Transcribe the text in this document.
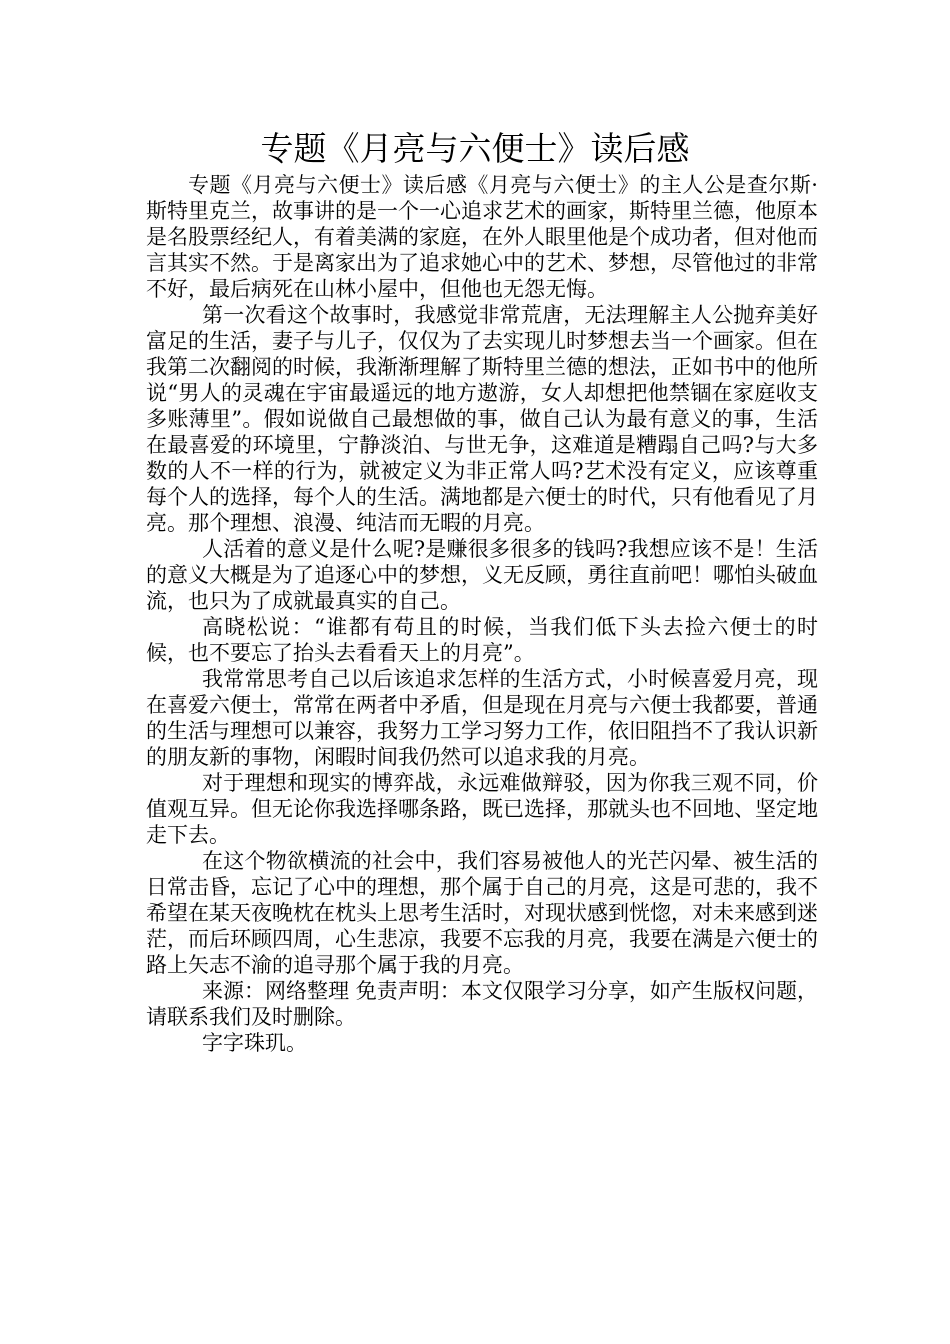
专题《月亮与六便士》读后感

专题《月亮与六便士》读后感《月亮与六便士》的主人公是查尔斯·斯特里克兰，故事讲的是一个一心追求艺术的画家，斯特里兰德，他原本是名股票经纪人，有着美满的家庭，在外人眼里他是个成功者，但对他而言其实不然。于是离家出为了追求她心中的艺术、梦想，尽管他过的非常不好，最后病死在山林小屋中，但他也无怨无悔。

第一次看这个故事时，我感觉非常荒唐，无法理解主人公抛弃美好富足的生活，妻子与儿子，仅仅为了去实现儿时梦想去当一个画家。但在我第二次翻阅的时候，我渐渐理解了斯特里兰德的想法，正如书中的他所说“男人的灵魂在宇宙最遥远的地方遨游，女人却想把他禁锢在家庭收支多账薄里”。假如说做自己最想做的事，做自己认为最有意义的事，生活在最喜爱的环境里，宁静淡泊、与世无争，这难道是糟蹋自己吗?与大多数的人不一样的行为，就被定义为非正常人吗?艺术没有定义，应该尊重每个人的选择，每个人的生活。满地都是六便士的时代，只有他看见了月亮。那个理想、浪漫、纯洁而无暇的月亮。

人活着的意义是什么呢?是赚很多很多的钱吗?我想应该不是！生活的意义大概是为了追逐心中的梦想，义无反顾，勇往直前吧！哪怕头破血流，也只为了成就最真实的自己。

高晓松说：“谁都有苟且的时候，当我们低下头去捡六便士的时候，也不要忘了抬头去看看天上的月亮”。

我常常思考自己以后该追求怎样的生活方式，小时候喜爱月亮，现在喜爱六便士，常常在两者中矛盾，但是现在月亮与六便士我都要，普通的生活与理想可以兼容，我努力工学习努力工作，依旧阻挡不了我认识新的朋友新的事物，闲暇时间我仍然可以追求我的月亮。

对于理想和现实的博弈战，永远难做辩驳，因为你我三观不同，价值观互异。但无论你我选择哪条路，既已选择，那就头也不回地、坚定地走下去。

在这个物欲横流的社会中，我们容易被他人的光芒闪晕、被生活的日常击昏，忘记了心中的理想，那个属于自己的月亮，这是可悲的，我不希望在某天夜晚枕在枕头上思考生活时，对现状感到恍惚，对未来感到迷茫，而后环顾四周，心生悲凉，我要不忘我的月亮，我要在满是六便士的路上矢志不渝的追寻那个属于我的月亮。

来源：网络整理 免责声明：本文仅限学习分享，如产生版权问题，请联系我们及时删除。

字字珠玑。
